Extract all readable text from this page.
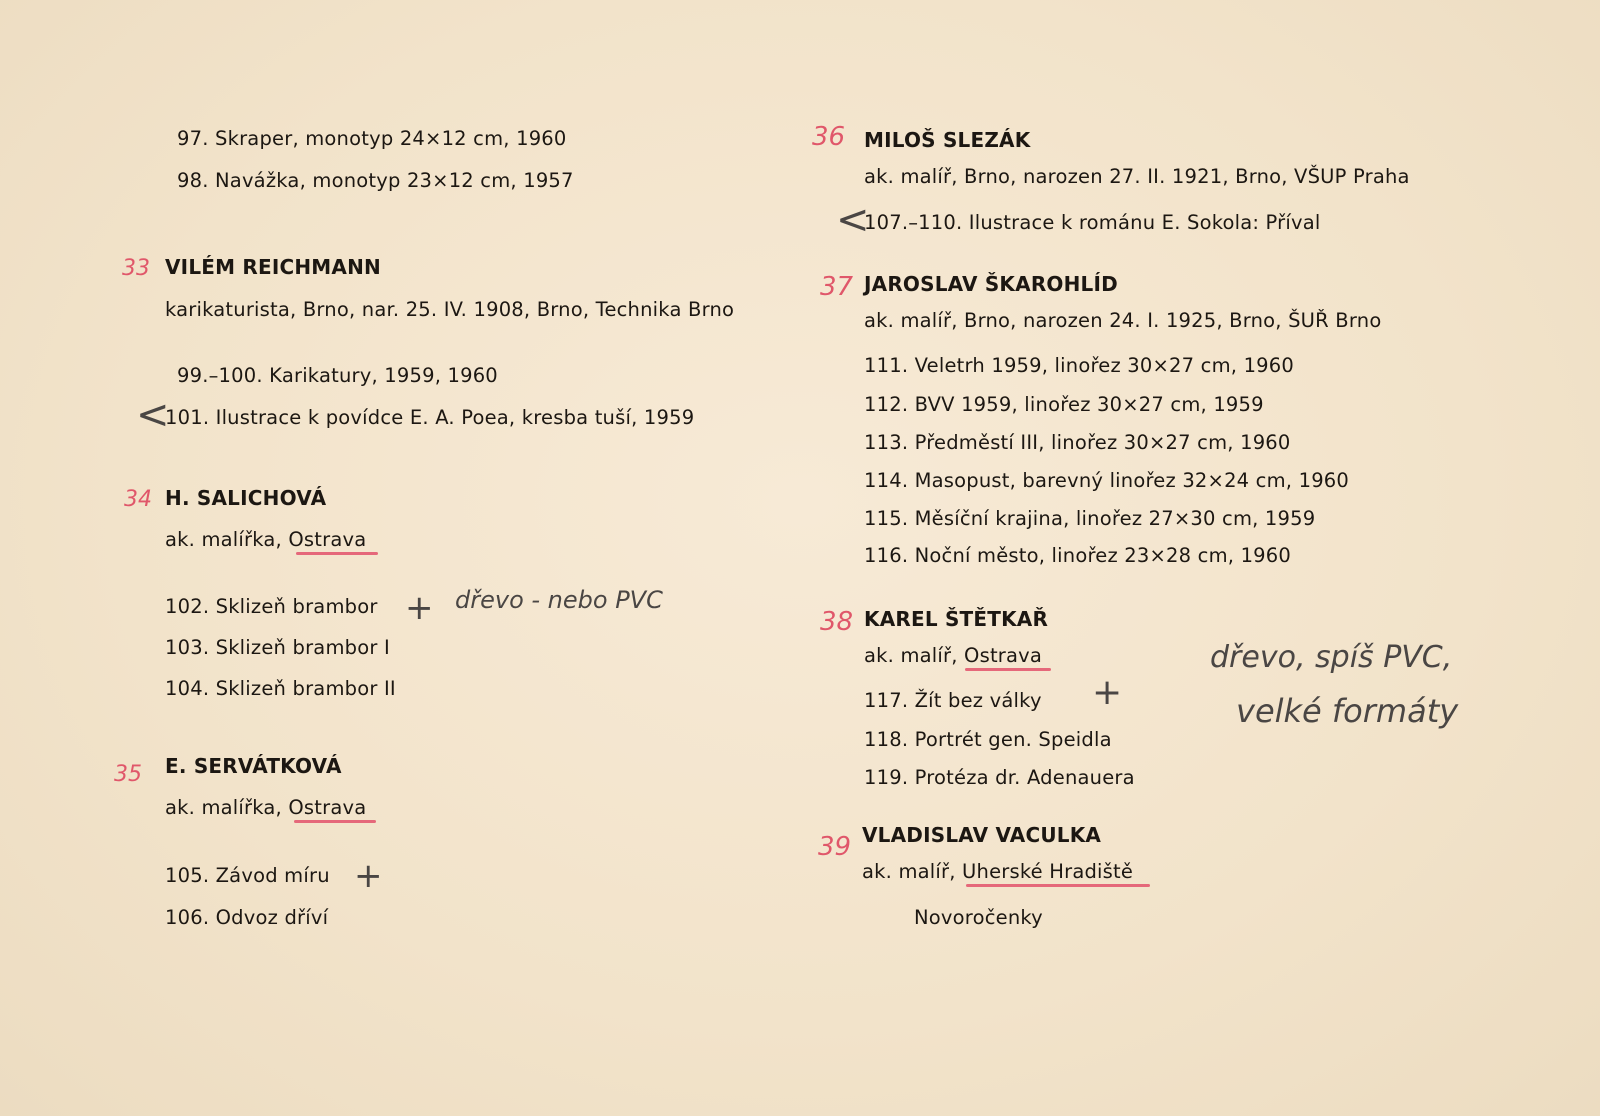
97. Skraper, monotyp 24×12 cm, 1960
98. Navážka, monotyp 23×12 cm, 1957
33 VILÉM REICHMANN
karikaturista, Brno, nar. 25. IV. 1908, Brno, Technika Brno
99.–100. Karikatury, 1959, 1960
<
101. Ilustrace k povídce E. A. Poea, kresba tuší, 1959
34 H. SALICHOVÁ
ak. malířka, Ostrava
102. Sklizeň brambor + dřevo - nebo PVC
103. Sklizeň brambor I
104. Sklizeň brambor II
35 E. SERVÁTKOVÁ
ak. malířka, Ostrava
105. Závod míru +
106. Odvoz dříví
36 MILOŠ SLEZÁK
ak. malíř, Brno, narozen 27. II. 1921, Brno, VŠUP Praha
<
107.–110. Ilustrace k románu E. Sokola: Příval
37 JAROSLAV ŠKAROHLÍD
ak. malíř, Brno, narozen 24. I. 1925, Brno, ŠUŘ Brno
111. Veletrh 1959, linořez 30×27 cm, 1960
112. BVV 1959, linořez 30×27 cm, 1959
113. Předměstí III, linořez 30×27 cm, 1960
114. Masopust, barevný linořez 32×24 cm, 1960
115. Měsíční krajina, linořez 27×30 cm, 1959
116. Noční město, linořez 23×28 cm, 1960
38 KAREL ŠTĚTKAŘ
ak. malíř, Ostrava	dřevo, spíš PVC,
117. Žít bez války +	velké formáty
118. Portrét gen. Speidla
119. Protéza dr. Adenauera
39 VLADISLAV VACULKA
ak. malíř, Uherské Hradiště
Novoročenky
